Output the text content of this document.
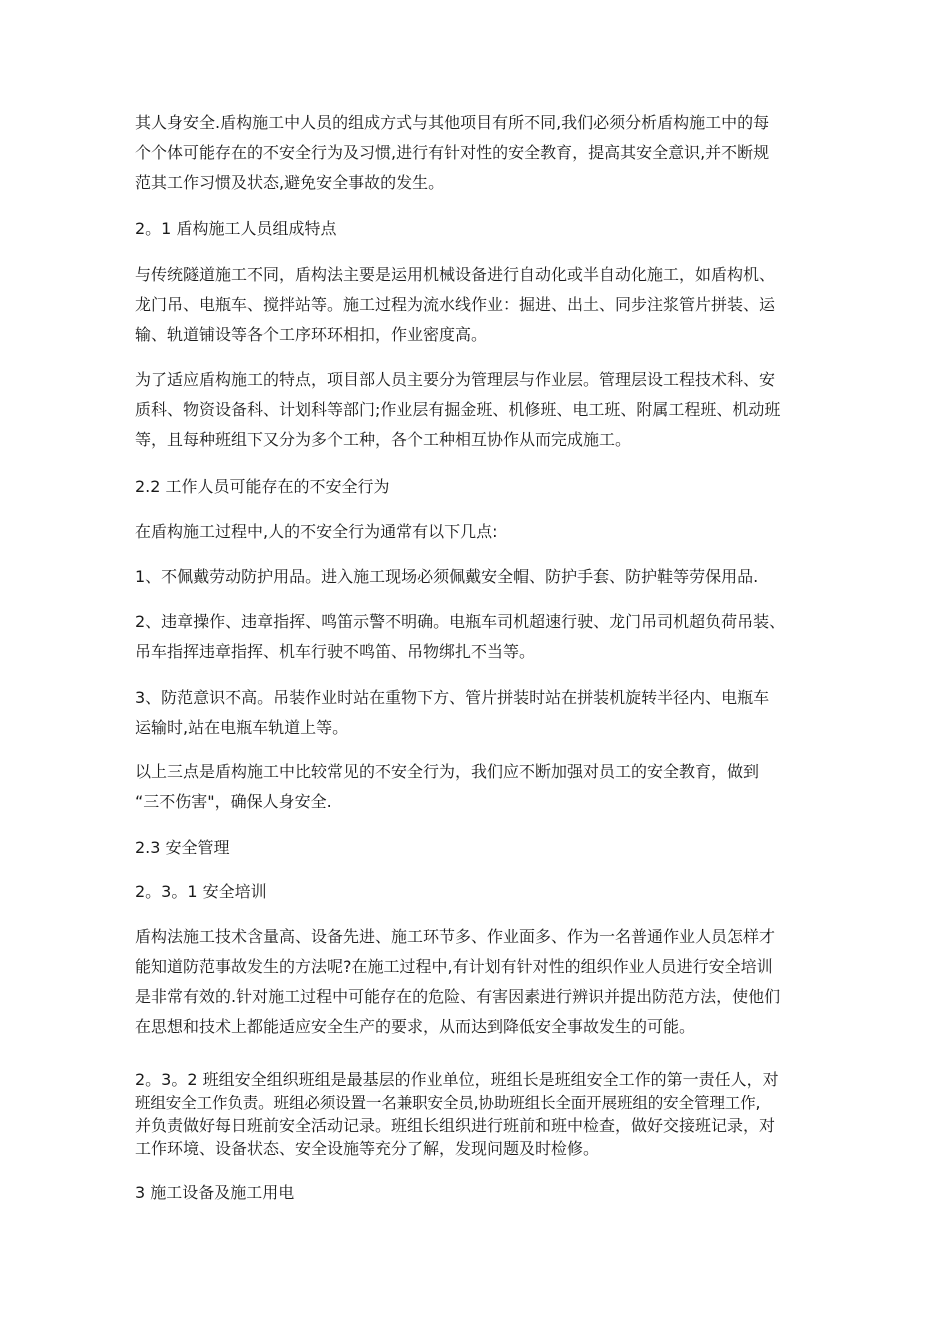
其人身安全.盾构施工中人员的组成方式与其他项目有所不同,我们必须分析盾构施工中的每
个个体可能存在的不安全行为及习惯,进行有针对性的安全教育，提高其安全意识,并不断规
范其工作习惯及状态,避免安全事故的发生。
2。1 盾构施工人员组成特点
与传统隧道施工不同，盾构法主要是运用机械设备进行自动化或半自动化施工，如盾构机、
龙门吊、电瓶车、搅拌站等。施工过程为流水线作业：掘进、出土、同步注浆管片拼装、运
输、轨道铺设等各个工序环环相扣，作业密度高。
为了适应盾构施工的特点，项目部人员主要分为管理层与作业层。管理层设工程技术科、安
质科、物资设备科、计划科等部门;作业层有掘金班、机修班、电工班、附属工程班、机动班
等，且每种班组下又分为多个工种，各个工种相互协作从而完成施工。
2.2 工作人员可能存在的不安全行为
在盾构施工过程中,人的不安全行为通常有以下几点:
1、不佩戴劳动防护用品。进入施工现场必须佩戴安全帽、防护手套、防护鞋等劳保用品.
2、违章操作、违章指挥、鸣笛示警不明确。电瓶车司机超速行驶、龙门吊司机超负荷吊装、
吊车指挥违章指挥、机车行驶不鸣笛、吊物绑扎不当等。
3、防范意识不高。吊装作业时站在重物下方、管片拼装时站在拼装机旋转半径内、电瓶车
运输时,站在电瓶车轨道上等。
以上三点是盾构施工中比较常见的不安全行为，我们应不断加强对员工的安全教育，做到
“三不伤害"，确保人身安全.
2.3 安全管理
2。3。1 安全培训
盾构法施工技术含量高、设备先进、施工环节多、作业面多、作为一名普通作业人员怎样才
能知道防范事故发生的方法呢?在施工过程中,有计划有针对性的组织作业人员进行安全培训
是非常有效的.针对施工过程中可能存在的危险、有害因素进行辨识并提出防范方法，使他们
在思想和技术上都能适应安全生产的要求，从而达到降低安全事故发生的可能。
2。3。2 班组安全组织班组是最基层的作业单位，班组长是班组安全工作的第一责任人，对
班组安全工作负责。班组必须设置一名兼职安全员,协助班组长全面开展班组的安全管理工作,
并负责做好每日班前安全活动记录。班组长组织进行班前和班中检查，做好交接班记录，对
工作环境、设备状态、安全设施等充分了解，发现问题及时检修。
3 施工设备及施工用电
